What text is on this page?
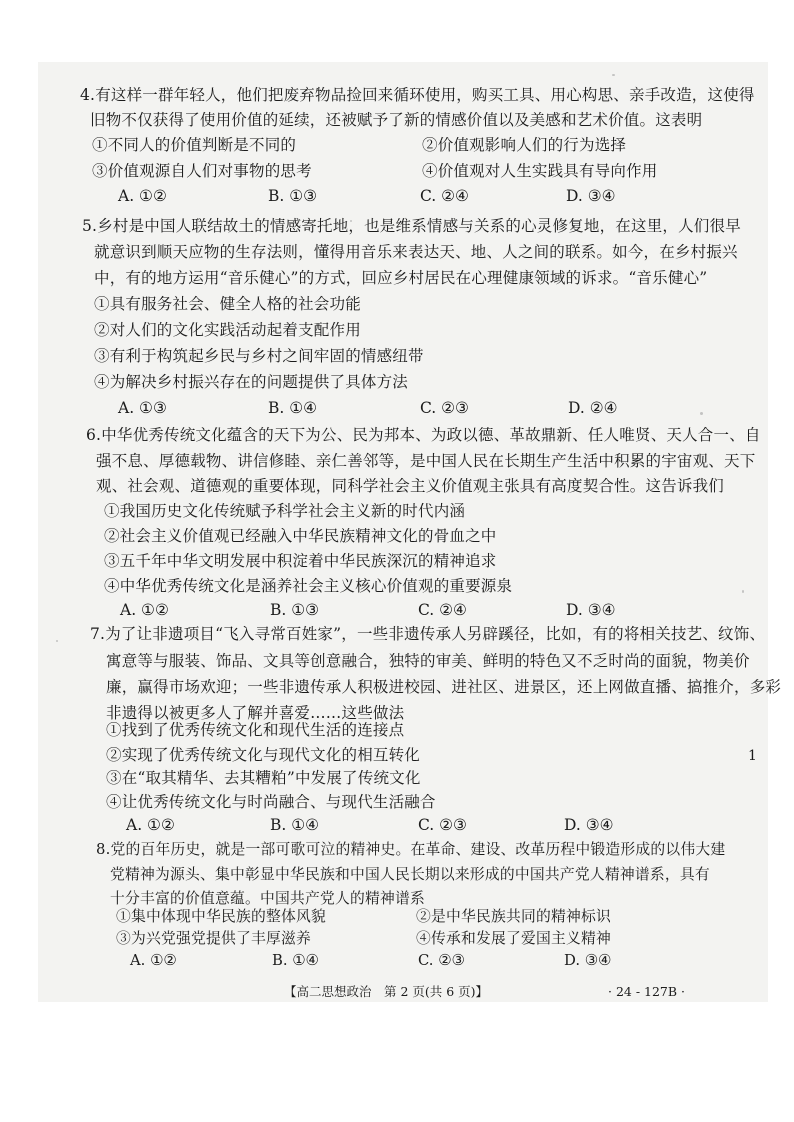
4.有这样一群年轻人，他们把废弃物品捡回来循环使用，购买工具、用心构思、亲手改造，这使得
旧物不仅获得了使用价值的延续，还被赋予了新的情感价值以及美感和艺术价值。这表明
①不同人的价值判断是不同的	②价值观影响人们的行为选择
③价值观源自人们对事物的思考	④价值观对人生实践具有导向作用
A. ①②	B. ①③	C. ②④	D. ③④
5.乡村是中国人联结故土的情感寄托地，也是维系情感与关系的心灵修复地，在这里，人们很早
就意识到顺天应物的生存法则，懂得用音乐来表达天、地、人之间的联系。如今，在乡村振兴
中，有的地方运用“音乐健心”的方式，回应乡村居民在心理健康领域的诉求。“音乐健心”
①具有服务社会、健全人格的社会功能
②对人们的文化实践活动起着支配作用
③有利于构筑起乡民与乡村之间牢固的情感纽带
④为解决乡村振兴存在的问题提供了具体方法
A. ①③	B. ①④	C. ②③	D. ②④
6.中华优秀传统文化蕴含的天下为公、民为邦本、为政以德、革故鼎新、任人唯贤、天人合一、自
强不息、厚德载物、讲信修睦、亲仁善邻等，是中国人民在长期生产生活中积累的宇宙观、天下
观、社会观、道德观的重要体现，同科学社会主义价值观主张具有高度契合性。这告诉我们
①我国历史文化传统赋予科学社会主义新的时代内涵
②社会主义价值观已经融入中华民族精神文化的骨血之中
③五千年中华文明发展中积淀着中华民族深沉的精神追求
④中华优秀传统文化是涵养社会主义核心价值观的重要源泉
A. ①②	B. ①③	C. ②④	D. ③④
7.为了让非遗项目“飞入寻常百姓家”，一些非遗传承人另辟蹊径，比如，有的将相关技艺、纹饰、
寓意等与服装、饰品、文具等创意融合，独特的审美、鲜明的特色又不乏时尚的面貌，物美价
廉，赢得市场欢迎；一些非遗传承人积极进校园、进社区、进景区，还上网做直播、搞推介，多彩
非遗得以被更多人了解并喜爱……这些做法
①找到了优秀传统文化和现代生活的连接点
②实现了优秀传统文化与现代文化的相互转化
③在“取其精华、去其糟粕”中发展了传统文化
④让优秀传统文化与时尚融合、与现代生活融合
A. ①②	B. ①④	C. ②③	D. ③④
8.党的百年历史，就是一部可歌可泣的精神史。在革命、建设、改革历程中锻造形成的以伟大建
党精神为源头、集中彰显中华民族和中国人民长期以来形成的中国共产党人精神谱系，具有
十分丰富的价值意蕴。中国共产党人的精神谱系
①集中体现中华民族的整体风貌	②是中华民族共同的精神标识
③为兴党强党提供了丰厚滋养	④传承和发展了爱国主义精神
A. ①②	B. ①④	C. ②③	D. ③④
【高二思想政治　第 2 页(共 6 页)】	· 24 - 127B ·
1
